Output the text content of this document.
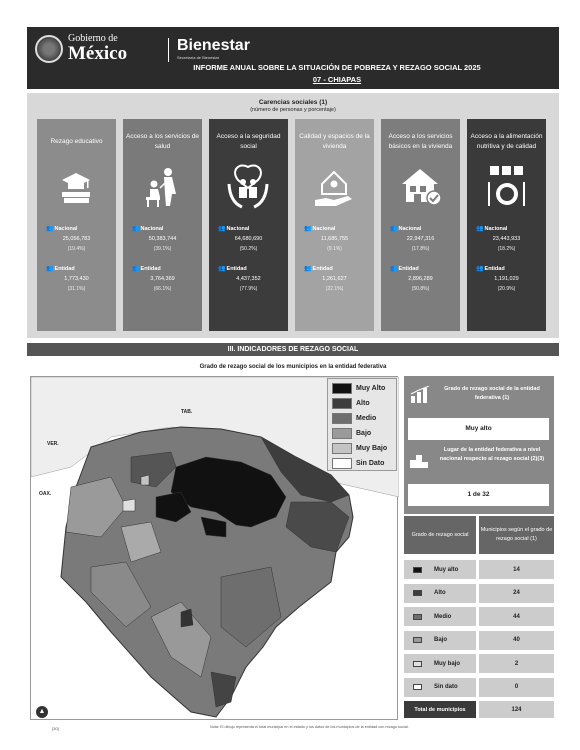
Gobierno de
México	Bienestar
Secretaría de Bienestar
INFORME ANUAL SOBRE LA SITUACIÓN DE POBREZA Y REZAGO SOCIAL 2025
07 - CHIAPAS
Carencias sociales (1)
(número de personas y porcentaje)
Rezago educativo
👥 Nacional
25,056,783
(19.4%)
👥 Entidad
1,773,430
(31.1%)
Acceso a los servicios de salud
👥 Nacional
50,383,744
(39.1%)
👥 Entidad
3,764,369
(66.1%)
Acceso a la seguridad social
👥 Nacional
64,680,690
(50.2%)
👥 Entidad
4,437,352
(77.9%)
Calidad y espacios de la vivienda
👥 Nacional
11,685,755
(9.1%)
👥 Entidad
1,261,627
(22.1%)
Acceso a los servicios básicos en la vivienda
👥 Nacional
22,947,316
(17.8%)
👥 Entidad
2,896,289
(50.8%)
Acceso a la alimentación nutritiva y de calidad
👥 Nacional
23,443,933
(18.2%)
👥 Entidad
1,191,029
(20.9%)
III. INDICADORES DE REZAGO SOCIAL
Grado de rezago social de los municipios en la entidad federativa
TAB.
VER.
OAX.
Muy Alto
Alto
Medio
Bajo
Muy Bajo
Sin Dato
▲
Grado de rezago social de la entidad federativa (1)
Muy alto
Lugar de la entidad federativa a nivel nacional respecto al rezago social (2)(3)
1 de 32
Grado de rezago social
Municipios según el grado de rezago social (1)
Muy alto	14
Alto	24
Medio	44
Bajo	40
Muy bajo	2
Sin dato	0
Total de municipios	124
[30]	Nota: El dibujo representa el total municipal en el estado y los datos de los municipios de la entidad con rezago social.
